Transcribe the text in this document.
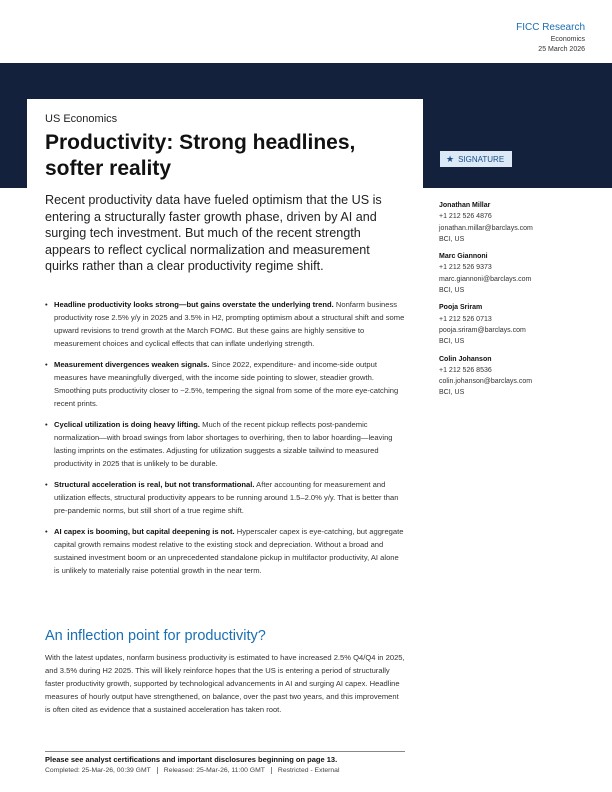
FICC Research
Economics
25 March 2026
US Economics
Productivity: Strong headlines, softer reality	★ SIGNATURE
Recent productivity data have fueled optimism that the US is entering a structurally faster growth phase, driven by AI and surging tech investment. But much of the recent strength appears to reflect cyclical normalization and measurement quirks rather than a clear productivity regime shift.
• Headline productivity looks strong—but gains overstate the underlying trend. Nonfarm business productivity rose 2.5% y/y in 2025 and 3.5% in H2, prompting optimism about a structural shift and some upward revisions to trend growth at the March FOMC. But these gains are highly sensitive to measurement choices and cyclical effects that can inflate underlying strength.
• Measurement divergences weaken signals. Since 2022, expenditure- and income-side output measures have meaningfully diverged, with the income side pointing to slower, steadier growth. Smoothing puts productivity closer to ~2.5%, tempering the signal from some of the more eye-catching recent prints.
• Cyclical utilization is doing heavy lifting. Much of the recent pickup reflects post-pandemic normalization—with broad swings from labor shortages to overhiring, then to labor hoarding—leaving lasting imprints on the estimates. Adjusting for utilization suggests a sizable tailwind to measured productivity in 2025 that is unlikely to be durable.
• Structural acceleration is real, but not transformational. After accounting for measurement and utilization effects, structural productivity appears to be running around 1.5–2.0% y/y. That is better than pre-pandemic norms, but still short of a true regime shift.
• AI capex is booming, but capital deepening is not. Hyperscaler capex is eye-catching, but aggregate capital growth remains modest relative to the existing stock and depreciation. Without a broad and sustained investment boom or an unprecedented standalone pickup in multifactor productivity, AI alone is unlikely to materially raise potential growth in the near term.
Jonathan Millar
+1 212 526 4876
jonathan.millar@barclays.com
BCI, US
Marc Giannoni
+1 212 526 9373
marc.giannoni@barclays.com
BCI, US
Pooja Sriram
+1 212 526 0713
pooja.sriram@barclays.com
BCI, US
Colin Johanson
+1 212 526 8536
colin.johanson@barclays.com
BCI, US
An inflection point for productivity?
With the latest updates, nonfarm business productivity is estimated to have increased 2.5% Q4/Q4 in 2025, and 3.5% during H2 2025. This will likely reinforce hopes that the US is entering a period of structurally faster productivity growth, supported by technological advancements in AI and surging AI capex. Headline measures of hourly output have strengthened, on balance, over the past two years, and this improvement is often cited as evidence that a sustained acceleration has taken root.
Please see analyst certifications and important disclosures beginning on page 13.
Completed: 25-Mar-26, 00:39 GMT	Released: 25-Mar-26, 11:00 GMT	Restricted - External
